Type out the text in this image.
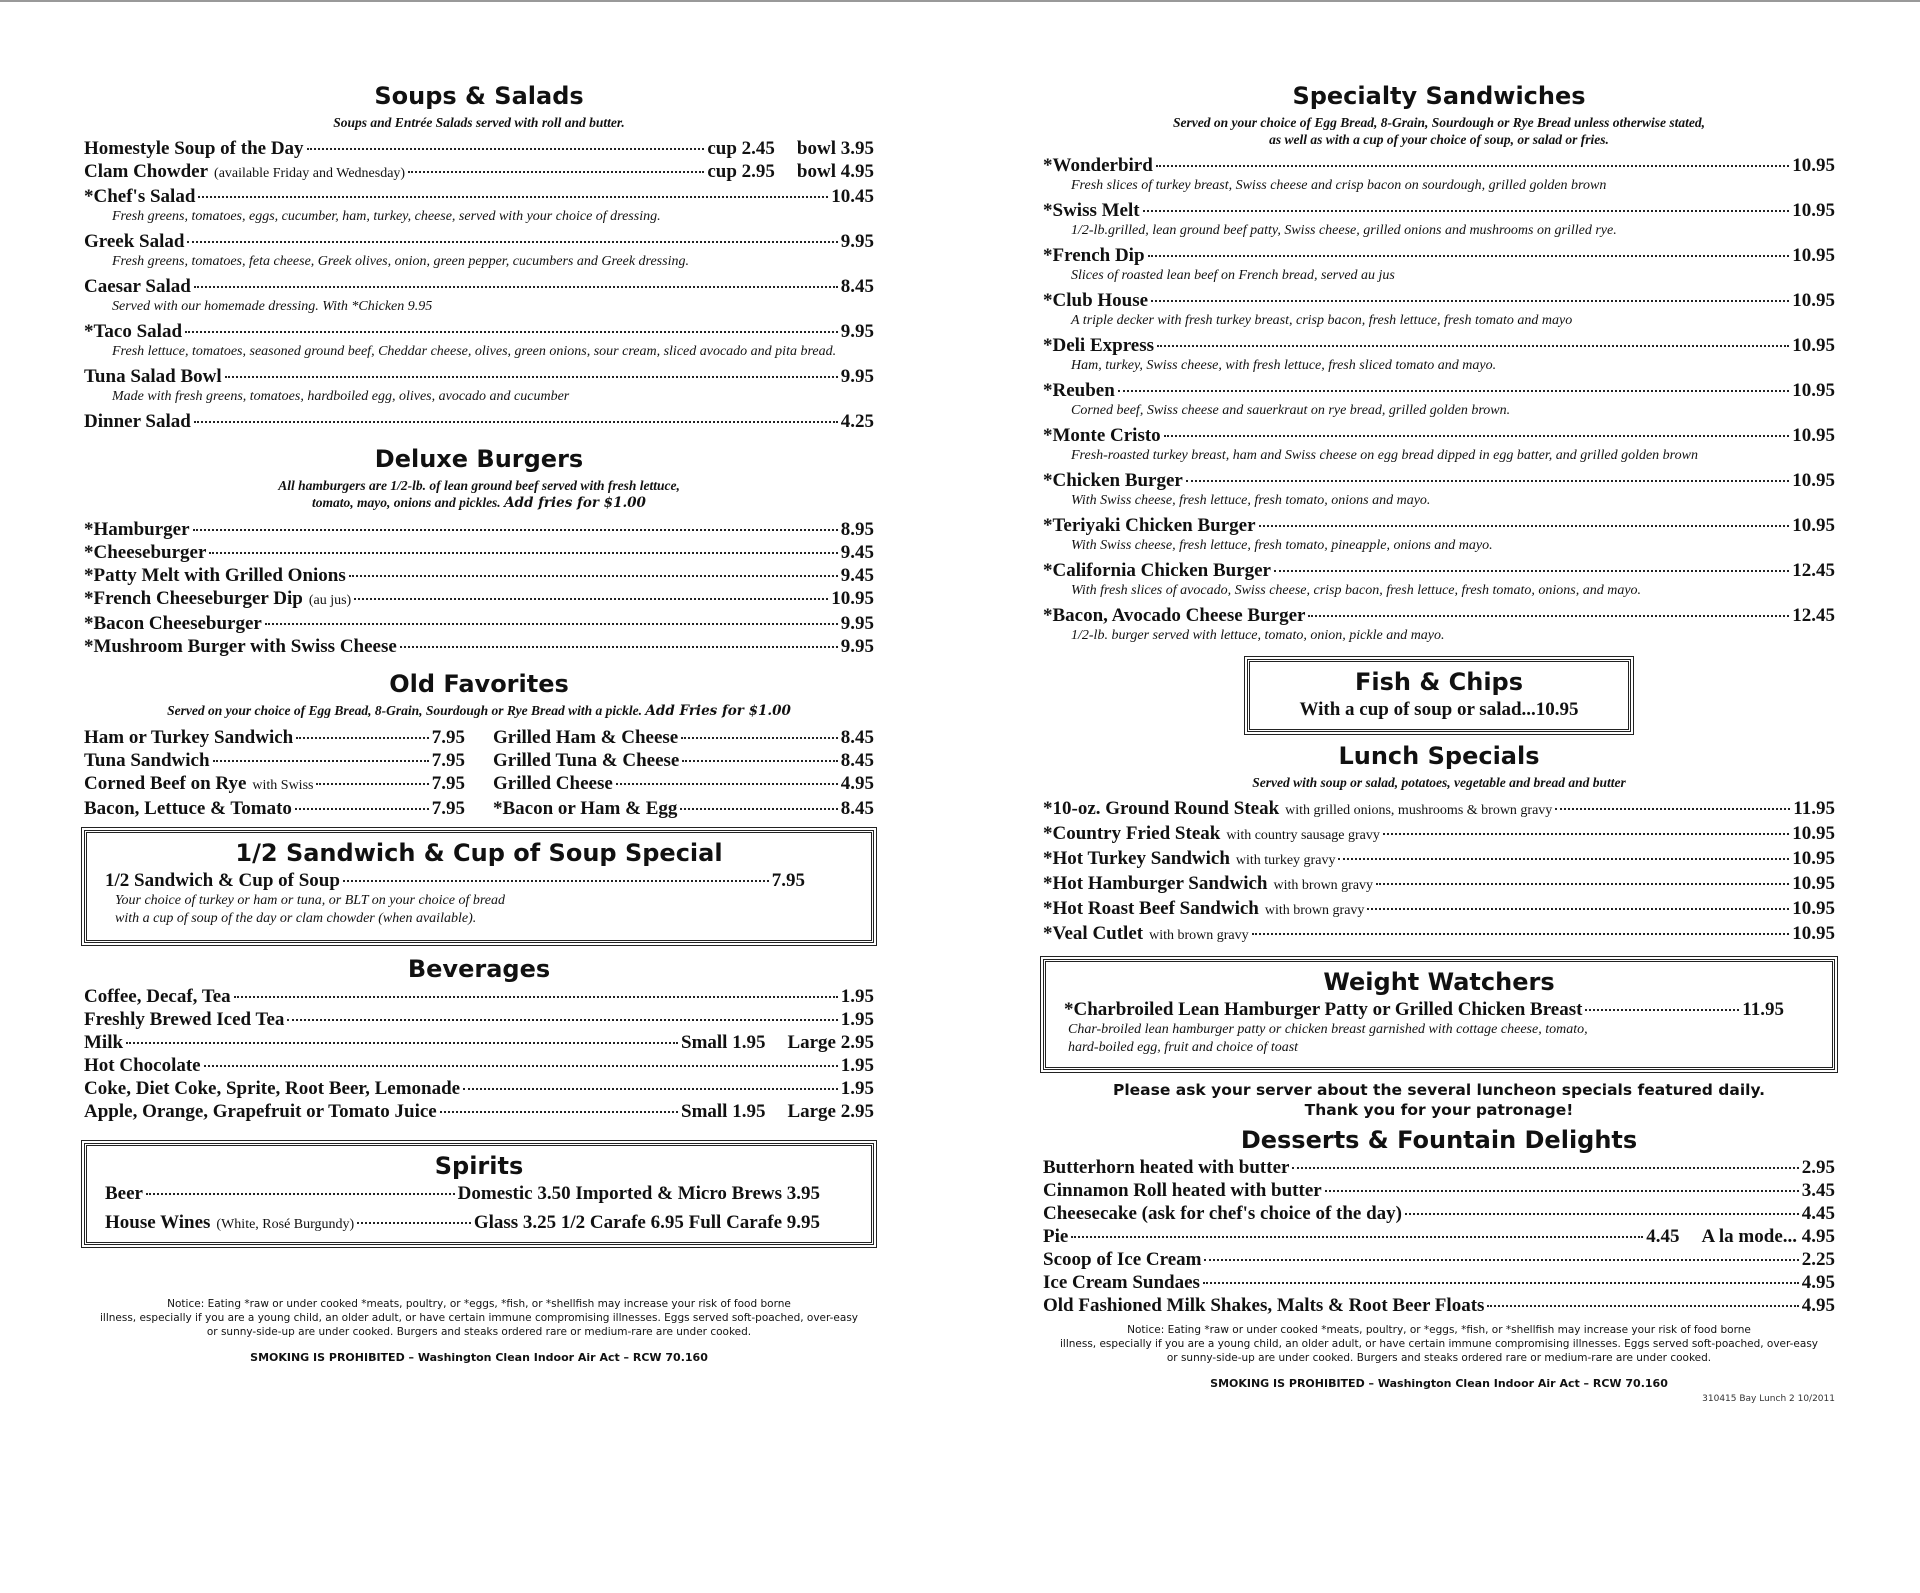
Soups & Salads
Soups and Entrée Salads served with roll and butter.
Homestyle Soup of the Day	cup 2.45 bowl 3.95
Clam Chowder (available Friday and Wednesday)	cup 2.95 bowl 4.95
*Chef's Salad	10.45
Fresh greens, tomatoes, eggs, cucumber, ham, turkey, cheese, served with your choice of dressing.
Greek Salad	9.95
Fresh greens, tomatoes, feta cheese, Greek olives, onion, green pepper, cucumbers and Greek dressing.
Caesar Salad	8.45
Served with our homemade dressing. With *Chicken 9.95
*Taco Salad	9.95
Fresh lettuce, tomatoes, seasoned ground beef, Cheddar cheese, olives, green onions, sour cream, sliced avocado and pita bread.
Tuna Salad Bowl	9.95
Made with fresh greens, tomatoes, hardboiled egg, olives, avocado and cucumber
Dinner Salad	4.25
Deluxe Burgers
All hamburgers are 1/2-lb. of lean ground beef served with fresh lettuce,
tomato, mayo, onions and pickles. Add fries for $1.00
*Hamburger	8.95
*Cheeseburger	9.45
*Patty Melt with Grilled Onions	9.45
*French Cheeseburger Dip (au jus)	10.95
*Bacon Cheeseburger	9.95
*Mushroom Burger with Swiss Cheese	9.95
Old Favorites
Served on your choice of Egg Bread, 8-Grain, Sourdough or Rye Bread with a pickle. Add Fries for $1.00
Ham or Turkey Sandwich	7.95 Grilled Ham & Cheese	8.45
Tuna Sandwich	7.95 Grilled Tuna & Cheese	8.45
Corned Beef on Rye with Swiss	7.95 Grilled Cheese	4.95
Bacon, Lettuce & Tomato	7.95 *Bacon or Ham & Egg	8.45
1/2 Sandwich & Cup of Soup Special
1/2 Sandwich & Cup of Soup	7.95
Your choice of turkey or ham or tuna, or BLT on your choice of bread
with a cup of soup of the day or clam chowder (when available).
Beverages
Coffee, Decaf, Tea	1.95
Freshly Brewed Iced Tea	1.95
Milk	Small 1.95 Large 2.95
Hot Chocolate	1.95
Coke, Diet Coke, Sprite, Root Beer, Lemonade	1.95
Apple, Orange, Grapefruit or Tomato Juice	Small 1.95 Large 2.95
Spirits
Beer	Domestic 3.50 Imported & Micro Brews 3.95
House Wines (White, Rosé Burgundy)	Glass 3.25 1/2 Carafe 6.95 Full Carafe 9.95
Notice: Eating *raw or under cooked *meats, poultry, or *eggs, *fish, or *shellfish may increase your risk of food borne
illness, especially if you are a young child, an older adult, or have certain immune compromising illnesses. Eggs served soft-poached, over-easy
or sunny-side-up are under cooked. Burgers and steaks ordered rare or medium-rare are under cooked.
SMOKING IS PROHIBITED – Washington Clean Indoor Air Act – RCW 70.160
Specialty Sandwiches
Served on your choice of Egg Bread, 8-Grain, Sourdough or Rye Bread unless otherwise stated,
as well as with a cup of your choice of soup, or salad or fries.
*Wonderbird	10.95
Fresh slices of turkey breast, Swiss cheese and crisp bacon on sourdough, grilled golden brown
*Swiss Melt	10.95
1/2-lb.grilled, lean ground beef patty, Swiss cheese, grilled onions and mushrooms on grilled rye.
*French Dip	10.95
Slices of roasted lean beef on French bread, served au jus
*Club House	10.95
A triple decker with fresh turkey breast, crisp bacon, fresh lettuce, fresh tomato and mayo
*Deli Express	10.95
Ham, turkey, Swiss cheese, with fresh lettuce, fresh sliced tomato and mayo.
*Reuben	10.95
Corned beef, Swiss cheese and sauerkraut on rye bread, grilled golden brown.
*Monte Cristo	10.95
Fresh-roasted turkey breast, ham and Swiss cheese on egg bread dipped in egg batter, and grilled golden brown
*Chicken Burger	10.95
With Swiss cheese, fresh lettuce, fresh tomato, onions and mayo.
*Teriyaki Chicken Burger	10.95
With Swiss cheese, fresh lettuce, fresh tomato, pineapple, onions and mayo.
*California Chicken Burger	12.45
With fresh slices of avocado, Swiss cheese, crisp bacon, fresh lettuce, fresh tomato, onions, and mayo.
*Bacon, Avocado Cheese Burger	12.45
1/2-lb. burger served with lettuce, tomato, onion, pickle and mayo.
Fish & Chips
With a cup of soup or salad...10.95
Lunch Specials
Served with soup or salad, potatoes, vegetable and bread and butter
*10-oz. Ground Round Steak with grilled onions, mushrooms & brown gravy	11.95
*Country Fried Steak with country sausage gravy	10.95
*Hot Turkey Sandwich with turkey gravy	10.95
*Hot Hamburger Sandwich with brown gravy	10.95
*Hot Roast Beef Sandwich with brown gravy	10.95
*Veal Cutlet with brown gravy	10.95
Weight Watchers
*Charbroiled Lean Hamburger Patty or Grilled Chicken Breast	11.95
Char-broiled lean hamburger patty or chicken breast garnished with cottage cheese, tomato,
hard-boiled egg, fruit and choice of toast
Please ask your server about the several luncheon specials featured daily.
Thank you for your patronage!
Desserts & Fountain Delights
Butterhorn heated with butter	2.95
Cinnamon Roll heated with butter	3.45
Cheesecake (ask for chef's choice of the day)	4.45
Pie	4.45 A la mode... 4.95
Scoop of Ice Cream	2.25
Ice Cream Sundaes	4.95
Old Fashioned Milk Shakes, Malts & Root Beer Floats	4.95
Notice: Eating *raw or under cooked *meats, poultry, or *eggs, *fish, or *shellfish may increase your risk of food borne
illness, especially if you are a young child, an older adult, or have certain immune compromising illnesses. Eggs served soft-poached, over-easy
or sunny-side-up are under cooked. Burgers and steaks ordered rare or medium-rare are under cooked.
SMOKING IS PROHIBITED – Washington Clean Indoor Air Act – RCW 70.160
310415 Bay Lunch 2 10/2011
